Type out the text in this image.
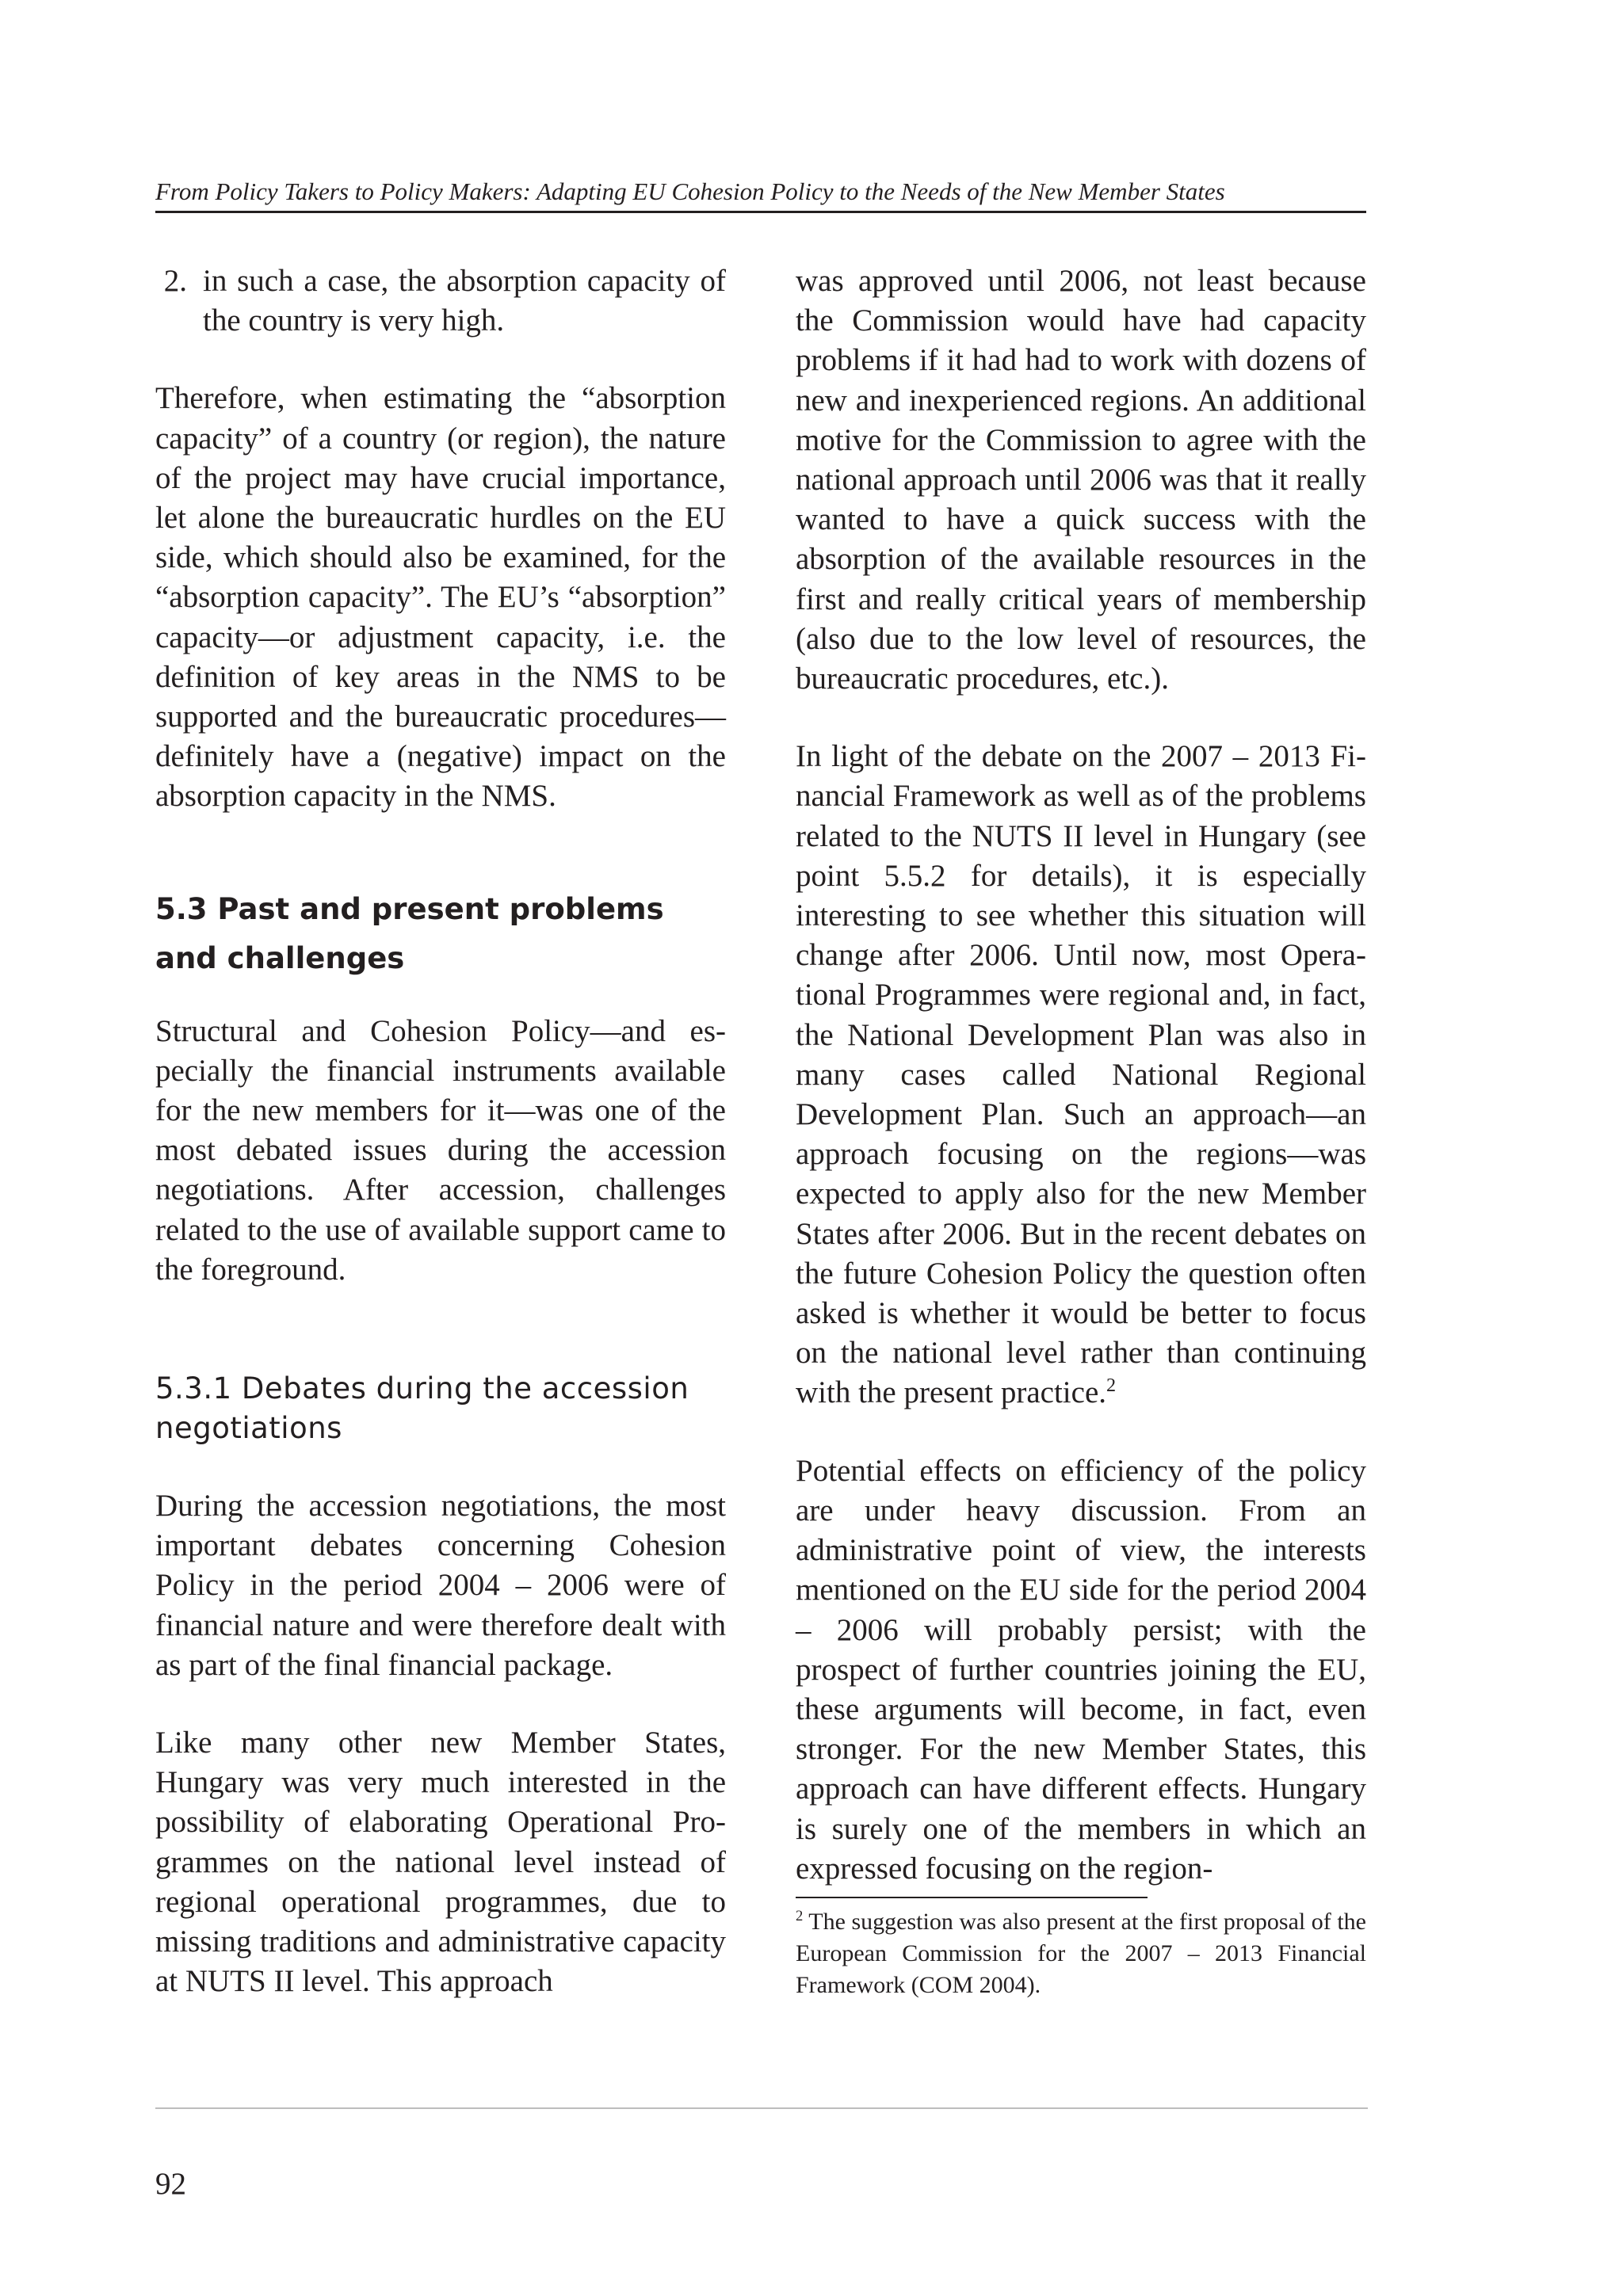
From Policy Takers to Policy Makers: Adapting EU Cohesion Policy to the Needs of the New Member States
2. in such a case, the absorption capacity of the country is very high.

Therefore, when estimating the “absorption capacity” of a country (or region), the nature of the project may have crucial importance, let alone the bureaucratic hurdles on the EU side, which should also be examined, for the “absorption capacity”. The EU’s “absorption” capacity—or adjustment capacity, i.e. the definition of key areas in the NMS to be supported and the bureaucratic procedures—definitely have a (negative) impact on the absorption capacity in the NMS.

5.3 Past and present problems and challenges

Structural and Cohesion Policy—and especially the financial instruments available for the new members for it—was one of the most debated issues during the accession negotiations. After accession, challenges related to the use of available support came to the foreground.

5.3.1 Debates during the accession negotiations

During the accession negotiations, the most important debates concerning Cohesion Policy in the period 2004 – 2006 were of financial nature and were therefore dealt with as part of the final financial package.

Like many other new Member States, Hungary was very much interested in the possibility of elaborating Operational Programmes on the national level instead of regional operational programmes, due to missing traditions and administrative capacity at NUTS II level. This approach

was approved until 2006, not least because the Commission would have had capacity problems if it had had to work with dozens of new and inexperienced regions. An additional motive for the Commission to agree with the national approach until 2006 was that it really wanted to have a quick success with the absorption of the available resources in the first and really critical years of membership (also due to the low level of resources, the bureaucratic procedures, etc.).

In light of the debate on the 2007 – 2013 Financial Framework as well as of the problems related to the NUTS II level in Hungary (see point 5.5.2 for details), it is especially interesting to see whether this situation will change after 2006. Until now, most Operational Programmes were regional and, in fact, the National Development Plan was also in many cases called National Regional Development Plan. Such an approach—an approach focusing on the regions—was expected to apply also for the new Member States after 2006. But in the recent debates on the future Cohesion Policy the question often asked is whether it would be better to focus on the national level rather than continuing with the present practice.$^2$

Potential effects on efficiency of the policy are under heavy discussion. From an administrative point of view, the interests mentioned on the EU side for the period 2004 – 2006 will probably persist; with the prospect of further countries joining the EU, these arguments will become, in fact, even stronger. For the new Member States, this approach can have different effects. Hungary is surely one of the members in which an expressed focusing on the region-

$^2$ The suggestion was also present at the first proposal of the European Commission for the 2007 – 2013 Financial Framework (COM 2004).

92
